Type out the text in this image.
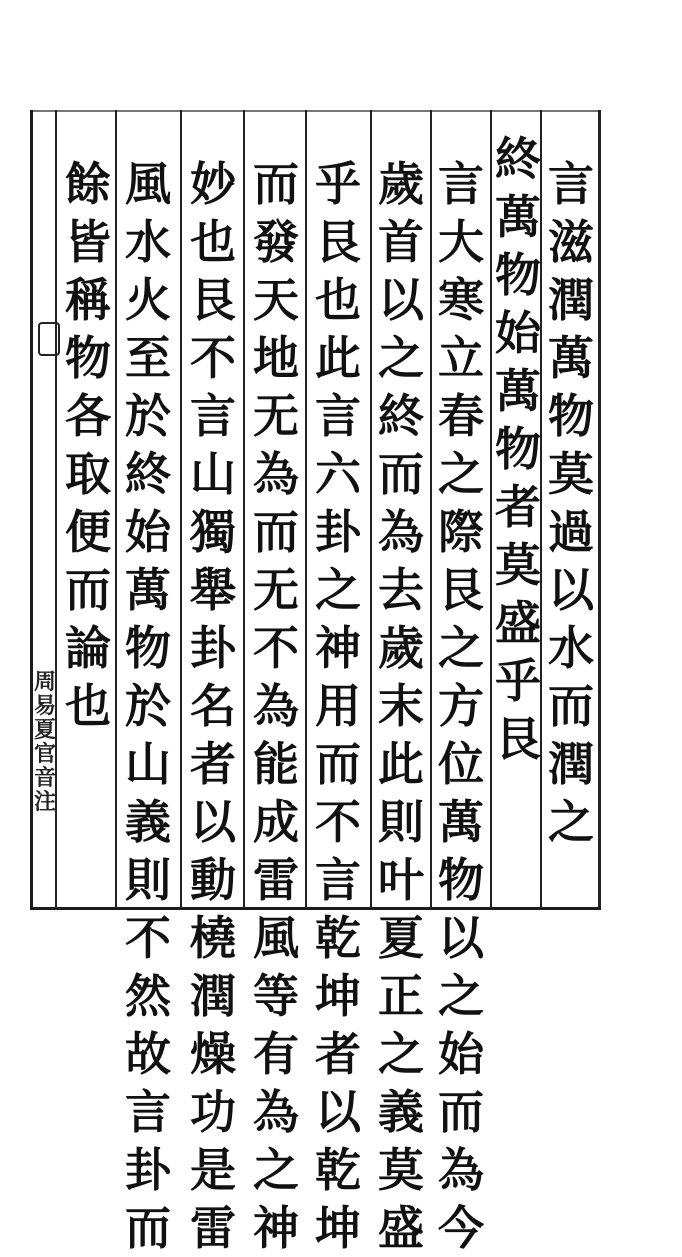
言
滋
潤
萬
物
莫
過
以
水
而
潤
之
終
萬
物
始
萬
物
者
莫
盛
乎
艮
言
大
寒
立
春
之
際
艮
之
方
位
萬
物
以
之
始
而
為
今
歲
首
以
之
終
而
為
去
歲
末
此
則
叶
夏
正
之
義
莫
盛
乎
艮
也
此
言
六
卦
之
神
用
而
不
言
乾
坤
者
以
乾
坤
而
發
天
地
无
為
而
无
不
為
能
成
雷
風
等
有
為
之
神
妙
也
艮
不
言
山
獨
舉
卦
名
者
以
動
橈
潤
燥
功
是
雷
風
水
火
至
於
終
始
萬
物
於
山
義
則
不
然
故
言
卦
而
餘
皆
稱
物
各
取
便
而
論
也
周
易
夏
官
音
注
